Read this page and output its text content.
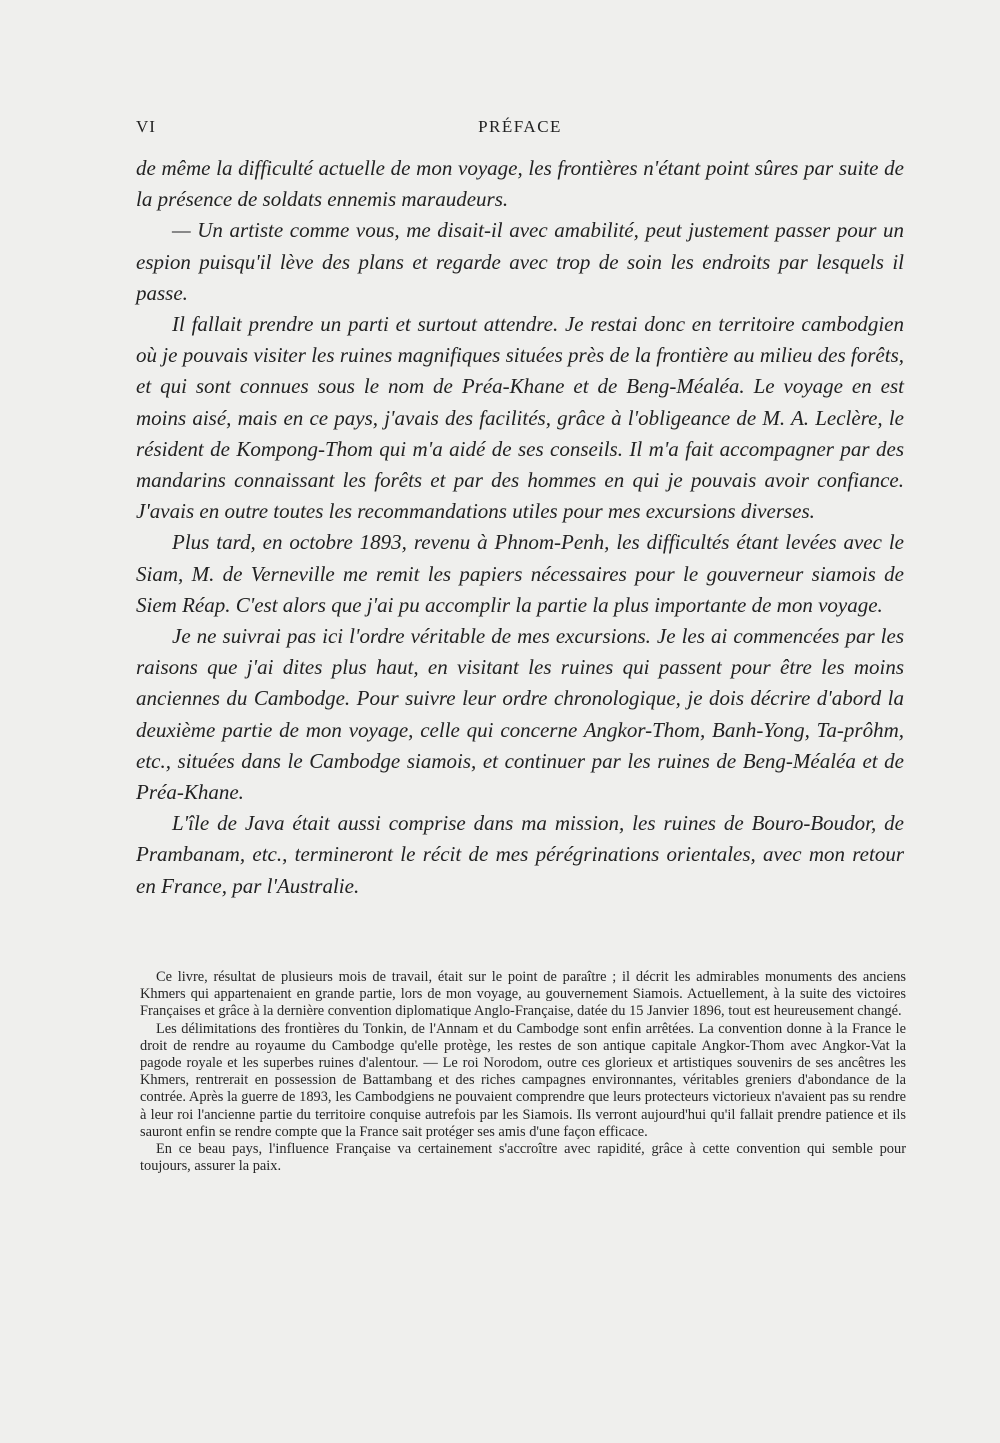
VI	PRÉFACE

de même la difficulté actuelle de mon voyage, les frontières n'étant point sûres par suite de la présence de soldats ennemis maraudeurs.

— Un artiste comme vous, me disait-il avec amabilité, peut justement passer pour un espion puisqu'il lève des plans et regarde avec trop de soin les endroits par lesquels il passe.

Il fallait prendre un parti et surtout attendre. Je restai donc en territoire cambodgien où je pouvais visiter les ruines magnifiques situées près de la frontière au milieu des forêts, et qui sont connues sous le nom de Préa-Khane et de Beng-Méaléa. Le voyage en est moins aisé, mais en ce pays, j'avais des facilités, grâce à l'obligeance de M. A. Leclère, le résident de Kompong-Thom qui m'a aidé de ses conseils. Il m'a fait accompagner par des mandarins connaissant les forêts et par des hommes en qui je pouvais avoir confiance. J'avais en outre toutes les recommandations utiles pour mes excursions diverses.

Plus tard, en octobre 1893, revenu à Phnom-Penh, les difficultés étant levées avec le Siam, M. de Verneville me remit les papiers nécessaires pour le gouverneur siamois de Siem Réap. C'est alors que j'ai pu accomplir la partie la plus importante de mon voyage.

Je ne suivrai pas ici l'ordre véritable de mes excursions. Je les ai commencées par les raisons que j'ai dites plus haut, en visitant les ruines qui passent pour être les moins anciennes du Cambodge. Pour suivre leur ordre chronologique, je dois décrire d'abord la deuxième partie de mon voyage, celle qui concerne Angkor-Thom, Banh-Yong, Ta-prôhm, etc., situées dans le Cambodge siamois, et continuer par les ruines de Beng-Méaléa et de Préa-Khane.

L'île de Java était aussi comprise dans ma mission, les ruines de Bouro-Boudor, de Prambanam, etc., termineront le récit de mes pérégrinations orientales, avec mon retour en France, par l'Australie.

Ce livre, résultat de plusieurs mois de travail, était sur le point de paraître ; il décrit les admirables monuments des anciens Khmers qui appartenaient en grande partie, lors de mon voyage, au gouvernement Siamois. Actuellement, à la suite des victoires Françaises et grâce à la dernière convention diplomatique Anglo-Française, datée du 15 Janvier 1896, tout est heureusement changé.

Les délimitations des frontières du Tonkin, de l'Annam et du Cambodge sont enfin arrêtées. La convention donne à la France le droit de rendre au royaume du Cambodge qu'elle protège, les restes de son antique capitale Angkor-Thom avec Angkor-Vat la pagode royale et les superbes ruines d'alentour. — Le roi Norodom, outre ces glorieux et artistiques souvenirs de ses ancêtres les Khmers, rentrerait en possession de Battambang et des riches campagnes environnantes, véritables greniers d'abondance de la contrée. Après la guerre de 1893, les Cambodgiens ne pouvaient comprendre que leurs protecteurs victorieux n'avaient pas su rendre à leur roi l'ancienne partie du territoire conquise autrefois par les Siamois. Ils verront aujourd'hui qu'il fallait prendre patience et ils sauront enfin se rendre compte que la France sait protéger ses amis d'une façon efficace.

En ce beau pays, l'influence Française va certainement s'accroître avec rapidité, grâce à cette convention qui semble pour toujours, assurer la paix.
